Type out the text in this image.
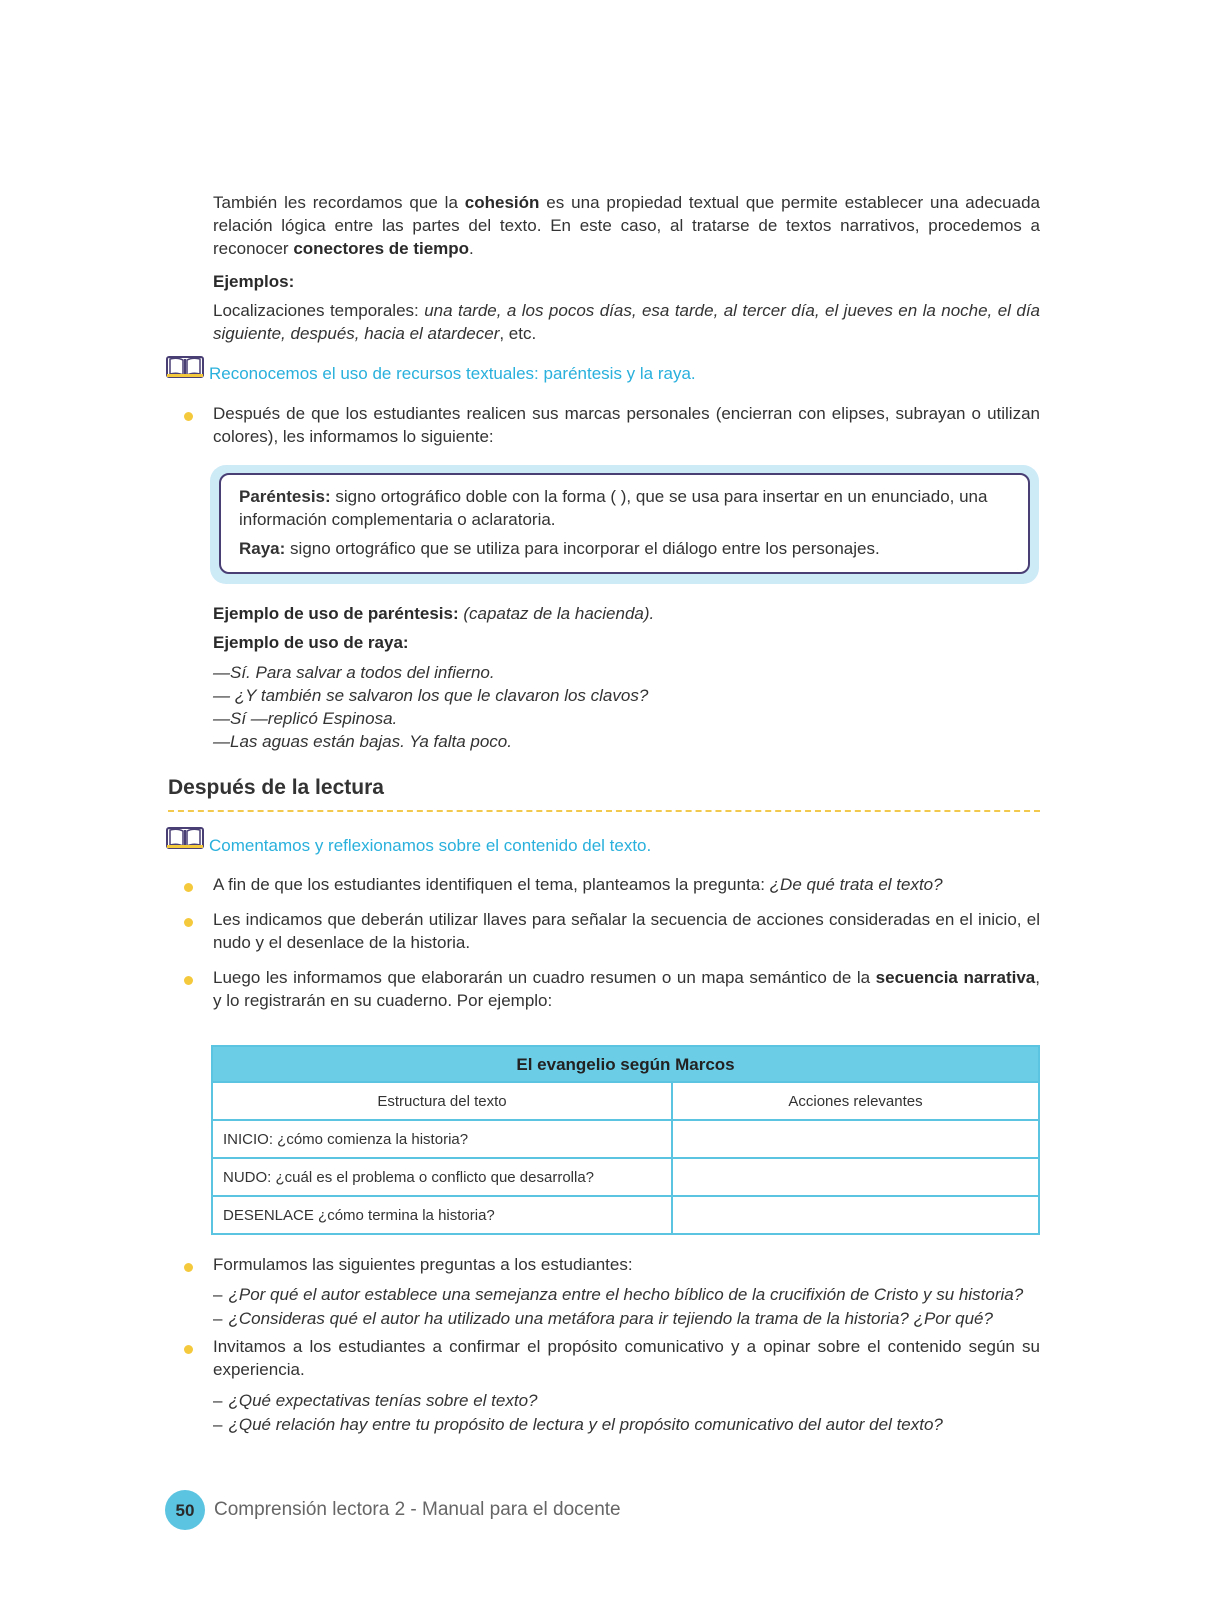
También les recordamos que la cohesión es una propiedad textual que permite establecer una adecuada relación lógica entre las partes del texto. En este caso, al tratarse de textos narrativos, procedemos a reconocer conectores de tiempo.
Ejemplos:
Localizaciones temporales: una tarde, a los pocos días, esa tarde, al tercer día, el jueves en la noche, el día siguiente, después, hacia el atardecer, etc.
Reconocemos el uso de recursos textuales: paréntesis y la raya.
Después de que los estudiantes realicen sus marcas personales (encierran con elipses, subrayan o utilizan colores), les informamos lo siguiente:

Paréntesis: signo ortográfico doble con la forma ( ), que se usa para insertar en un enunciado, una información complementaria o aclaratoria.

Raya: signo ortográfico que se utiliza para incorporar el diálogo entre los personajes.

Ejemplo de uso de paréntesis: (capataz de la hacienda).
Ejemplo de uso de raya:
—Sí. Para salvar a todos del infierno.
— ¿Y también se salvaron los que le clavaron los clavos?
—Sí —replicó Espinosa.
—Las aguas están bajas. Ya falta poco.
Después de la lectura
Comentamos y reflexionamos sobre el contenido del texto.
A fin de que los estudiantes identifiquen el tema, planteamos la pregunta: ¿De qué trata el texto?
Les indicamos que deberán utilizar llaves para señalar la secuencia de acciones consideradas en el inicio, el nudo y el desenlace de la historia.
Luego les informamos que elaborarán un cuadro resumen o un mapa semántico de la secuencia narrativa, y lo registrarán en su cuaderno. Por ejemplo:
El evangelio según Marcos	
Estructura del texto	Acciones relevantes
INICIO: ¿cómo comienza la historia?	
NUDO: ¿cuál es el problema o conflicto que desarrolla?	
DESENLACE ¿cómo termina la historia?	
Formulamos las siguientes preguntas a los estudiantes:
– ¿Por qué el autor establece una semejanza entre el hecho bíblico de la crucifixión de Cristo y su historia?
– ¿Consideras qué el autor ha utilizado una metáfora para ir tejiendo la trama de la historia? ¿Por qué?
Invitamos a los estudiantes a confirmar el propósito comunicativo y a opinar sobre el contenido según su experiencia.
– ¿Qué expectativas tenías sobre el texto?
– ¿Qué relación hay entre tu propósito de lectura y el propósito comunicativo del autor del texto?
50	Comprensión lectora 2 - Manual para el docente
